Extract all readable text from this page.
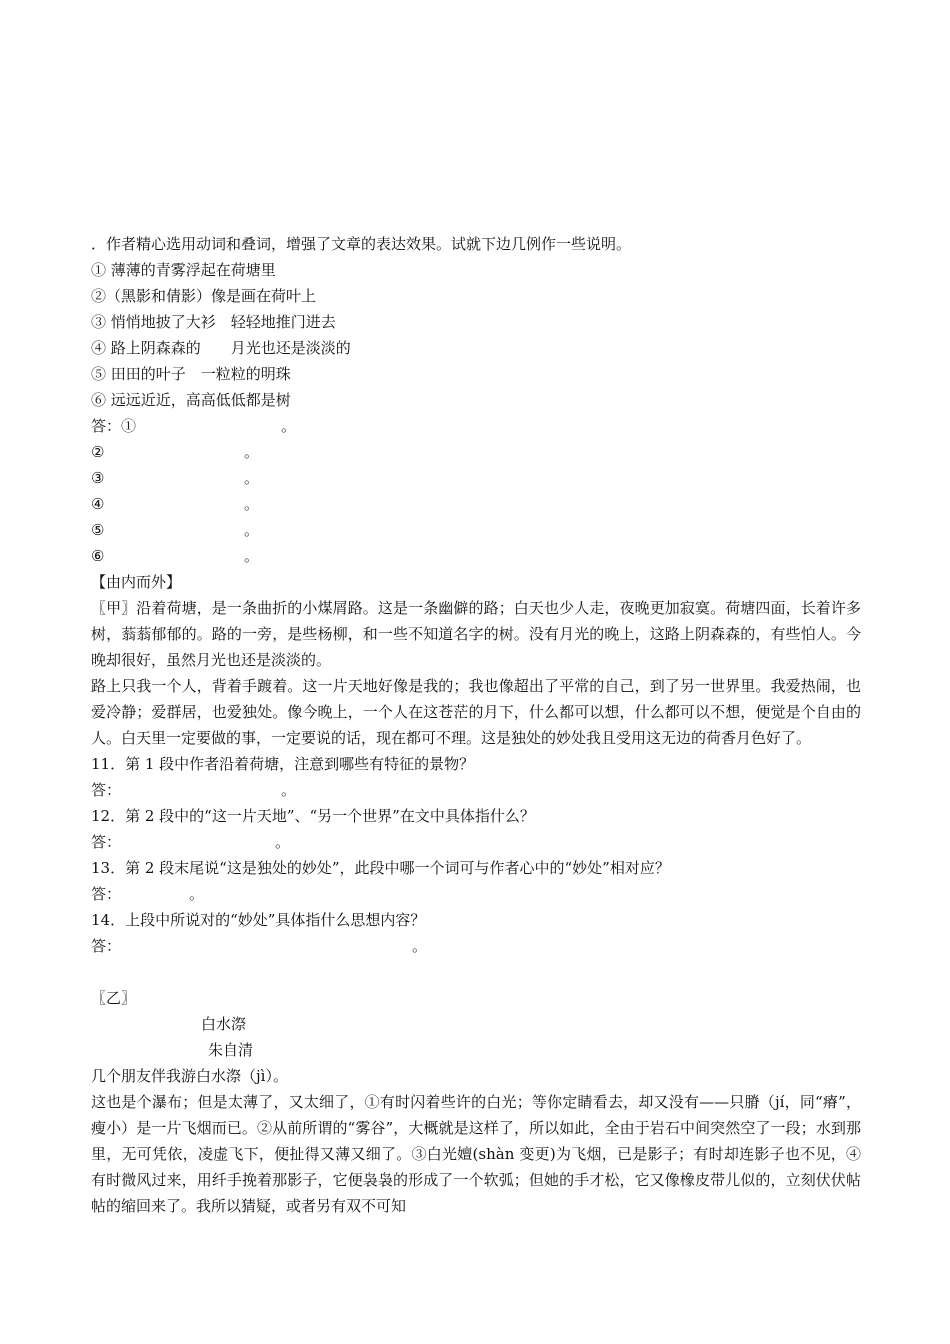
．作者精心选用动词和叠词，增强了文章的表达效果。试就下边几例作一些说明。
① 薄薄的青雾浮起在荷塘里
②（黑影和倩影）像是画在荷叶上
③ 悄悄地披了大衫　轻轻地推门进去
④ 路上阴森森的　　月光也还是淡淡的
⑤ 田田的叶子　一粒粒的明珠
⑥ 远远近近，高高低低都是树
答：①	。
②	。
③	。
④	。
⑤	。
⑥	。
【由内而外】
〖甲〗沿着荷塘，是一条曲折的小煤屑路。这是一条幽僻的路；白天也少人走，夜晚更加寂寞。荷塘四面，长着许多树，蓊蓊郁郁的。路的一旁，是些杨柳，和一些不知道名字的树。没有月光的晚上，这路上阴森森的，有些怕人。今晚却很好，虽然月光也还是淡淡的。
路上只我一个人，背着手踱着。这一片天地好像是我的；我也像超出了平常的自己，到了另一世界里。我爱热闹，也爱冷静；爱群居，也爱独处。像今晚上，一个人在这苍茫的月下，什么都可以想，什么都可以不想，便觉是个自由的人。白天里一定要做的事，一定要说的话，现在都可不理。这是独处的妙处我且受用这无边的荷香月色好了。
11．第 1 段中作者沿着荷塘，注意到哪些有特征的景物？
答：	。
12．第 2 段中的“这一片天地”、“另一个世界”在文中具体指什么？
答：	。
13．第 2 段末尾说“这是独处的妙处”，此段中哪一个词可与作者心中的“妙处”相对应？
答：	。
14．上段中所说对的“妙处”具体指什么思想内容？
答：	。
〖乙〗
白水漈
朱自清
几个朋友伴我游白水漈（jì）。
这也是个瀑布；但是太薄了，又太细了，①有时闪着些许的白光；等你定睛看去，却又没有——只膌（jí，同“瘠”，瘦小）是一片飞烟而已。②从前所谓的“雾谷”，大概就是这样了，所以如此，全由于岩石中间突然空了一段；水到那里，无可凭依，凌虚飞下，便扯得又薄又细了。③白光嬗(shàn 变更)为飞烟，已是影子；有时却连影子也不见，④有时微风过来，用纤手挽着那影子，它便袅袅的形成了一个软弧；但她的手才松，它又像橡皮带儿似的，立刻伏伏帖帖的缩回来了。我所以猜疑，或者另有双不可知
